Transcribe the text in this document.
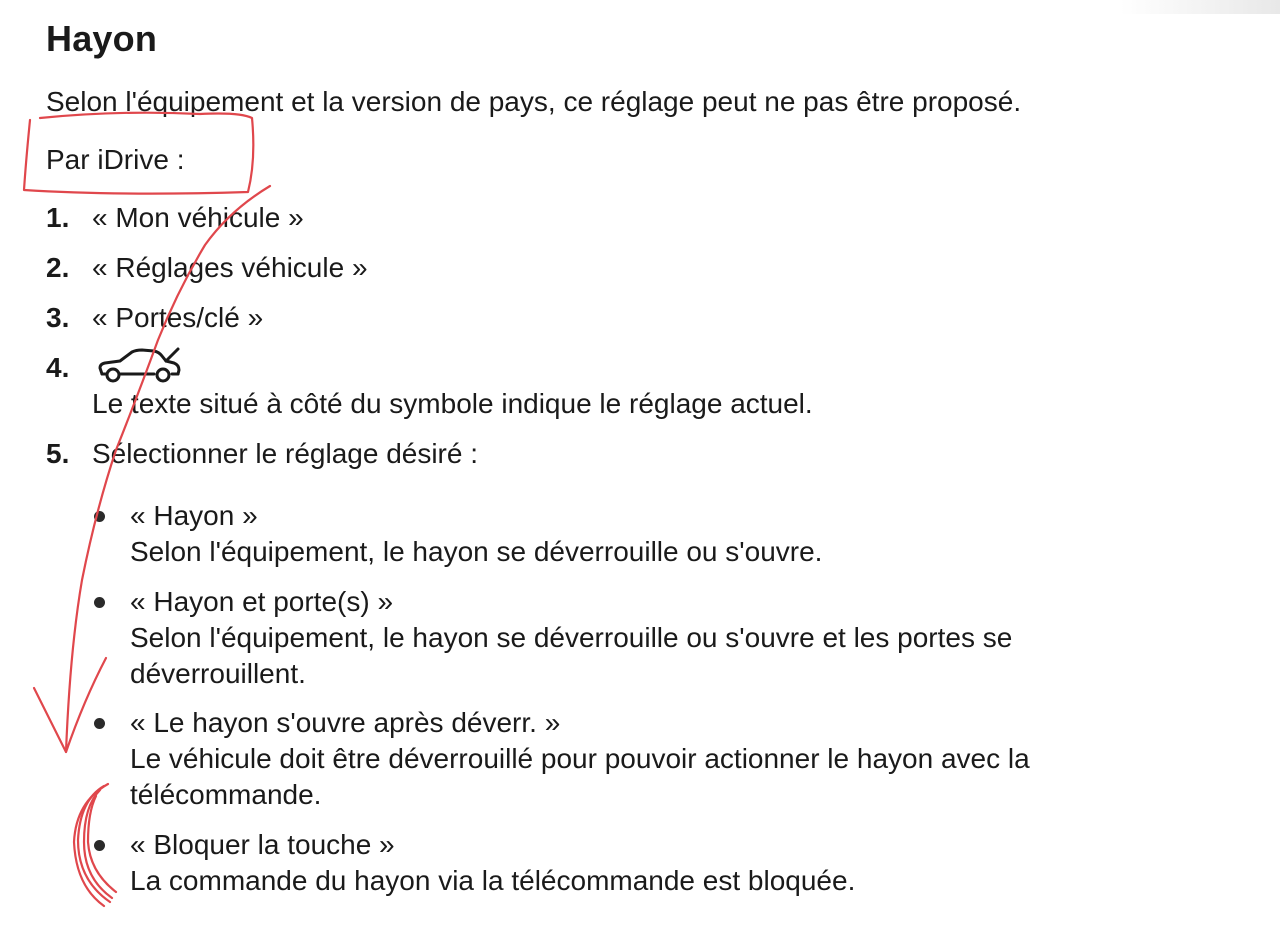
Hayon

Selon l'équipement et la version de pays, ce réglage peut ne pas être proposé.

Par iDrive :

1. « Mon véhicule »
2. « Réglages véhicule »
3. « Portes/clé »
4.
5. Sélectionner le réglage désiré :

Le texte situé à côté du symbole indique le réglage actuel.

« Hayon »

Selon l'équipement, le hayon se déverrouille ou s'ouvre.

« Hayon et porte(s) »

Selon l'équipement, le hayon se déverrouille ou s'ouvre et les portes se

déverrouillent.

« Le hayon s'ouvre après déverr. »

Le véhicule doit être déverrouillé pour pouvoir actionner le hayon avec la

télécommande.

« Bloquer la touche »

La commande du hayon via la télécommande est bloquée.
